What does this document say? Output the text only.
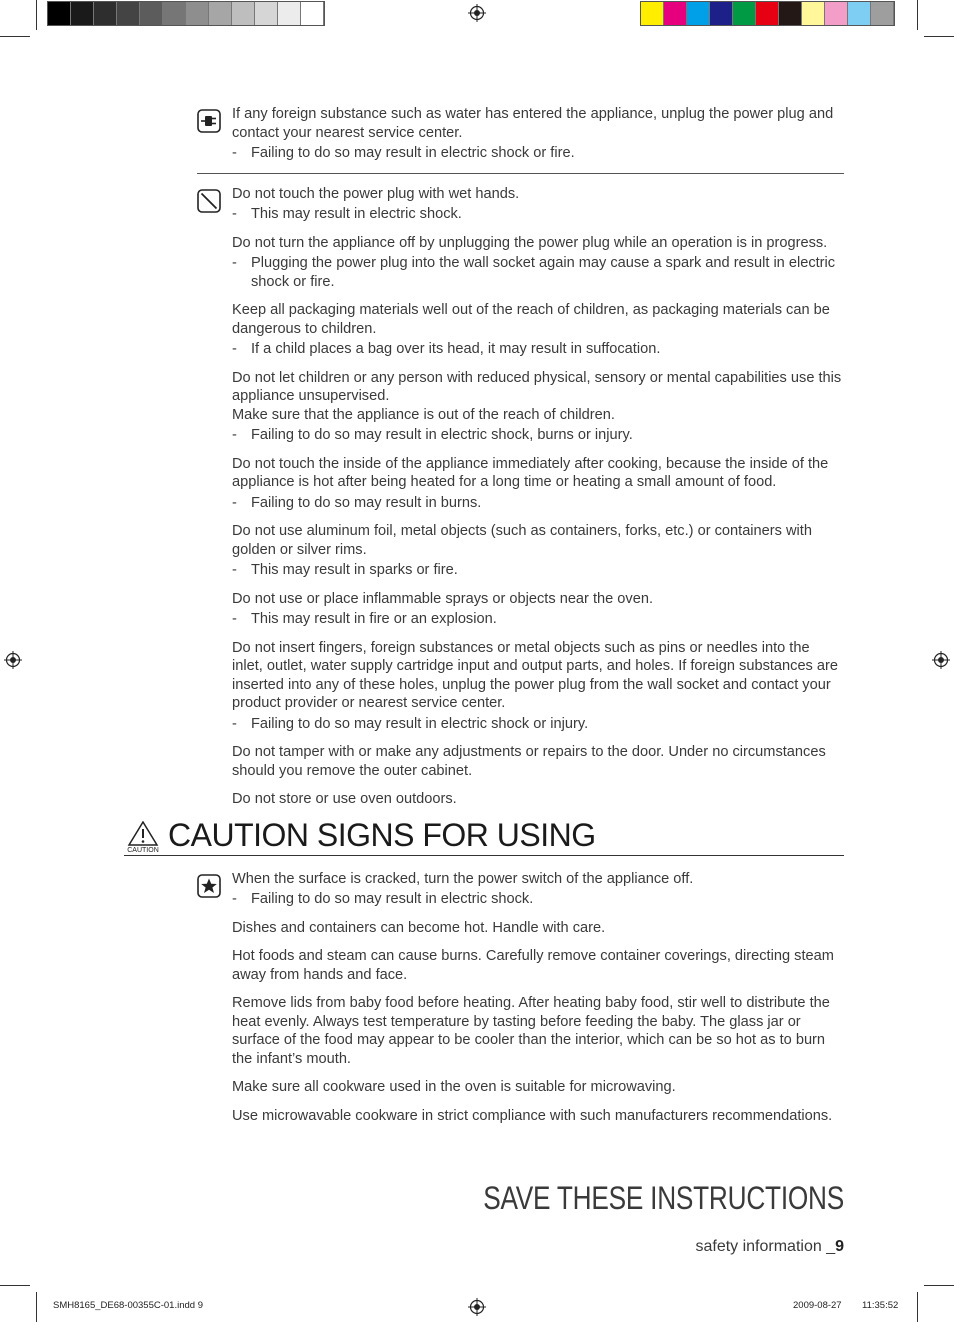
If any foreign substance such as water has entered the appliance, unplug the power plug and contact your nearest service center.

- Failing to do so may result in electric shock or fire.

Do not touch the power plug with wet hands.

- This may result in electric shock.

Do not turn the appliance off by unplugging the power plug while an operation is in progress.

- Plugging the power plug into the wall socket again may cause a spark and result in electric shock or fire.

Keep all packaging materials well out of the reach of children, as packaging materials can be dangerous to children.

- If a child places a bag over its head, it may result in suffocation.

Do not let children or any person with reduced physical, sensory or mental capabilities use this appliance unsupervised.

Make sure that the appliance is out of the reach of children.

- Failing to do so may result in electric shock, burns or injury.

Do not touch the inside of the appliance immediately after cooking, because the inside of the appliance is hot after being heated for a long time or heating a small amount of food.

- Failing to do so may result in burns.

Do not use aluminum foil, metal objects (such as containers, forks, etc.) or containers with golden or silver rims.

- This may result in sparks or fire.

Do not use or place inflammable sprays or objects near the oven.

- This may result in fire or an explosion.

Do not insert fingers, foreign substances or metal objects such as pins or needles into the inlet, outlet, water supply cartridge input and output parts, and holes. If foreign substances are inserted into any of these holes, unplug the power plug from the wall socket and contact your product provider or nearest service center.

- Failing to do so may result in electric shock or injury.

Do not tamper with or make any adjustments or repairs to the door. Under no circumstances should you remove the outer cabinet.

Do not store or use oven outdoors.

CAUTION CAUTION SIGNS FOR USING

When the surface is cracked, turn the power switch of the appliance off.

- Failing to do so may result in electric shock.

Dishes and containers can become hot. Handle with care.

Hot foods and steam can cause burns. Carefully remove container coverings, directing steam away from hands and face.

Remove lids from baby food before heating. After heating baby food, stir well to distribute the heat evenly. Always test temperature by tasting before feeding the baby. The glass jar or surface of the food may appear to be cooler than the interior, which can be so hot as to burn the infant’s mouth.

Make sure all cookware used in the oven is suitable for microwaving.

Use microwavable cookware in strict compliance with such manufacturers recommendations.

SAVE THESE INSTRUCTIONS
safety information _9
SMH8165_DE68-00355C-01.indd 9	2009-08-27 11:35:52
